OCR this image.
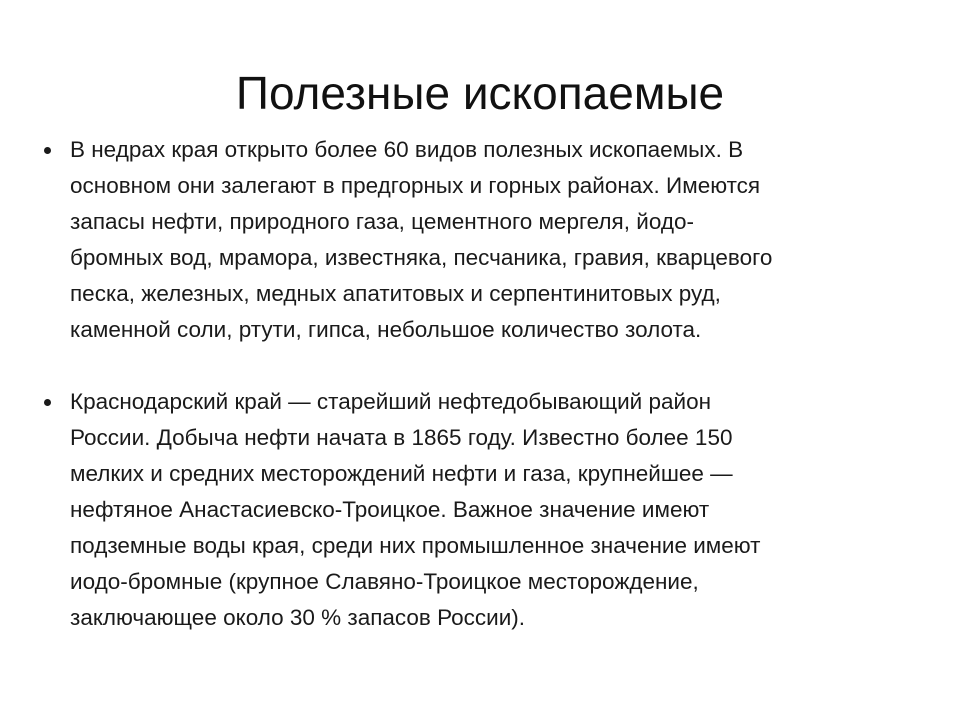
Полезные ископаемые
В недрах края открыто более 60 видов полезных ископаемых. В
основном они залегают в предгорных и горных районах. Имеются
запасы нефти, природного газа, цементного мергеля, йодо-
бромных вод, мрамора, известняка, песчаника, гравия, кварцевого
песка, железных, медных апатитовых и серпентинитовых руд,
каменной соли, ртути, гипса, небольшое количество золота.
Краснодарский край — старейший нефтедобывающий район
России. Добыча нефти начата в 1865 году. Известно более 150
мелких и средних месторождений нефти и газа, крупнейшее —
нефтяное Анастасиевско-Троицкое. Важное значение имеют
подземные воды края, среди них промышленное значение имеют
иодо-бромные (крупное Славяно-Троицкое месторождение,
заключающее около 30 % запасов России).
